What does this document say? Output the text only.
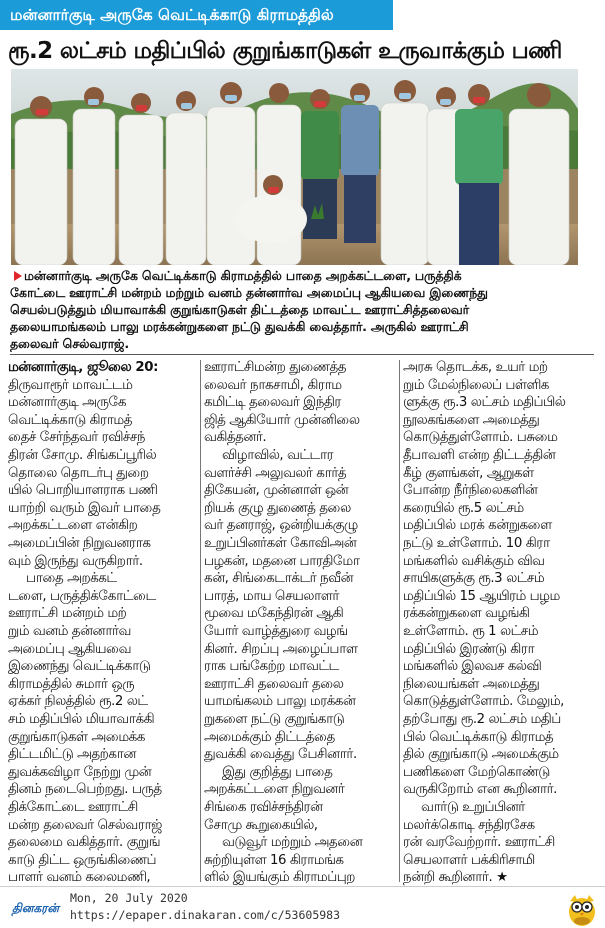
மன்னார்குடி அருகே வெட்டிக்காடு கிராமத்தில்
ரூ.2 லட்சம் மதிப்பில் குறுங்காடுகள் உருவாக்கும் பணி
மன்னார்குடி அருகே வெட்டிக்காடு கிராமத்தில் பாதை அறக்கட்டளை, பருத்திக்
கோட்டை ஊராட்சி மன்றம் மற்றும் வனம் தன்னார்வ அமைப்பு ஆகியவை இணைந்து
செயல்படுத்தும் மியாவாக்கி குறுங்காடுகள் திட்டத்தை மாவட்ட ஊராட்சித்தலைவர்
தலையாமங்கலம் பாலு மரக்கன்றுகளை நட்டு துவக்கி வைத்தார். அருகில் ஊராட்சி
தலைவர் செல்வராஜ்.
மன்னார்குடி, ஜூலை 20:
திருவாரூர் மாவட்டம்
மன்னார்குடி அருகே
வெட்டிக்காடு கிராமத்
தைச் சேர்ந்தவர் ரவிச்சந்
திரன் சோமு. சிங்கப்பூரில்
தொலை தொடர்பு துறை
யில் பொறியாளராக பணி
யாற்றி வரும் இவர் பாதை
அறக்கட்டளை என்கிற
அமைப்பின் நிறுவனராக
வும் இருந்து வருகிறார்.
பாதை அறக்கட்
டளை, பருத்திக்கோட்டை
ஊராட்சி மன்றம் மற்
றும் வனம் தன்னார்வ
அமைப்பு ஆகியவை
இணைந்து வெட்டிக்காடு
கிராமத்தில் சுமார் ஒரு
ஏக்கர் நிலத்தில் ரூ.2 லட்
சம் மதிப்பில் மியாவாக்கி
குறுங்காடுகள் அமைக்க
திட்டமிட்டு அதற்கான
துவக்கவிழா நேற்று முன்
தினம் நடைபெற்றது. பருத்
திக்கோட்டை ஊராட்சி
மன்ற தலைவர் செல்வராஜ்
தலைமை வகித்தார். குறுங்
காடு திட்ட ஒருங்கிணைப்
பாளர் வனம் கலைமணி,
ஊராட்சிமன்ற துணைத்த
லைவர் நாகசாமி, கிராம
கமிட்டி தலைவர் இந்திர
ஜித் ஆகியோர் முன்னிலை
வகித்தனர்.
விழாவில், வட்டார
வளர்ச்சி அலுவலர் கார்த்
திகேயன், முன்னாள் ஒன்
றியக் குழு துணைத் தலை
வர் தனராஜ், ஒன்றியக்குழு
உறுப்பினர்கள் கோவிஅன்
பழகன், மதனை பாரதிமோ
கன், சிங்கைடாக்டர் நவீன்
பாரத், மாய செயலாளர்
மூவை மகேந்திரன் ஆகி
யோர் வாழ்த்துரை வழங்
கினர். சிறப்பு அழைப்பாள
ராக பங்கேற்ற மாவட்ட
ஊராட்சி தலைவர் தலை
யாமங்கலம் பாலு மரக்கன்
றுகளை நட்டு குறுங்காடு
அமைக்கும் திட்டத்தை
துவக்கி வைத்து பேசினார்.
இது குறித்து பாதை
அறக்கட்டளை நிறுவனர்
சிங்கை ரவிச்சந்திரன்
சோமு கூறுகையில்,
வடுவூர் மற்றும் அதனை
சுற்றியுள்ள 16 கிராமங்க
ளில் இயங்கும் கிராமப்புற
அரசு தொடக்க, உயர் மற்
றும் மேல்நிலைப் பள்ளிக
ளுக்கு ரூ.3 லட்சம் மதிப்பில்
நூலகங்களை அமைத்து
கொடுத்துள்ளோம். பசுமை
தீபாவளி என்ற திட்டத்தின்
கீழ் குளங்கள், ஆறுகள்
போன்ற நீர்நிலைகளின்
கரையில் ரூ.5 லட்சம்
மதிப்பில் மரக் கன்றுகளை
நட்டு உள்ளோம். 10 கிரா
மங்களில் வசிக்கும் விவ
சாயிகளுக்கு ரூ.3 லட்சம்
மதிப்பில் 15 ஆயிரம் பழம
ரக்கன்றுகளை வழங்கி
உள்ளோம். ரூ 1 லட்சம்
மதிப்பில் இரண்டு கிரா
மங்களில் இலவச கல்வி
நிலையங்கள் அமைத்து
கொடுத்துள்ளோம். மேலும்,
தற்போது ரூ.2 லட்சம் மதிப்
பில் வெட்டிக்காடு கிராமத்
தில் குறுங்காடு அமைக்கும்
பணிகளை மேற்கொண்டு
வருகிறோம் என கூறினார்.
வார்டு உறுப்பினர்
மலர்க்கொடி சந்திரசேக
ரன் வரவேற்றார். ஊராட்சி
செயலாளர் பக்கிரிசாமி
நன்றி கூறினார். ★
தினகரன்
Mon, 20 July 2020
https://epaper.dinakaran.com/c/53605983
